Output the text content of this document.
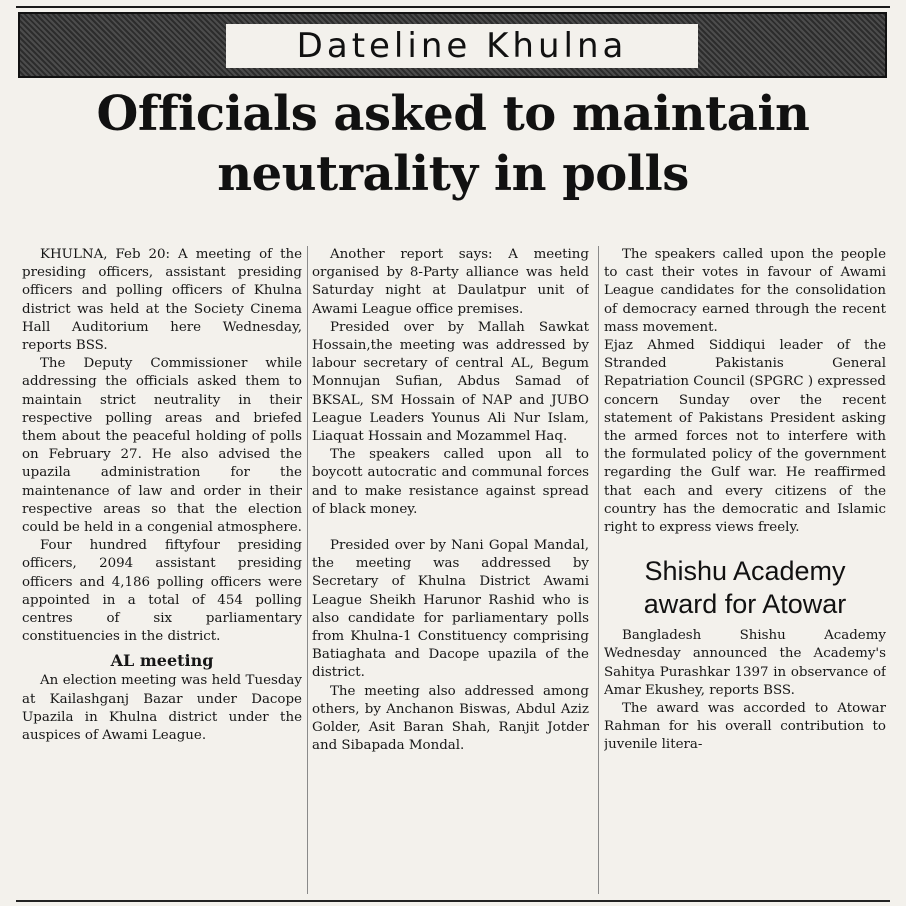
Dateline Khulna
Officials asked to maintain
neutrality in polls

KHULNA, Feb 20: A meeting of the presiding officers, assistant presiding officers and polling officers of Khulna district was held at the Society Cinema Hall Auditorium here Wednesday, reports BSS.

The Deputy Commissioner while addressing the officials asked them to maintain strict neutrality in their respective polling areas and briefed them about the peaceful holding of polls on February 27. He also advised the upazila administration for the maintenance of law and order in their respective areas so that the election could be held in a congenial atmosphere.

Four hundred fiftyfour presiding officers, 2094 assistant presiding officers and 4,186 polling officers were appointed in a total of 454 polling centres of six parliamentary constituencies in the district.

AL meeting

An election meeting was held Tuesday at Kailashganj Bazar under Dacope Upazila in Khulna district under the auspices of Awami League.

Another report says: A meeting organised by 8-Party alliance was held Saturday night at Daulatpur unit of Awami League office premises.

Presided over by Mallah Sawkat Hossain,the meeting was addressed by labour secretary of central AL, Begum Monnujan Sufian, Abdus Samad of BKSAL, SM Hossain of NAP and JUBO League Leaders Younus Ali Nur Islam, Liaquat Hossain and Mozammel Haq.

The speakers called upon all to boycott autocratic and communal forces and to make resistance against spread of black money.

Presided over by Nani Gopal Mandal, the meeting was addressed by Secretary of Khulna District Awami League Sheikh Harunor Rashid who is also candidate for parliamentary polls from Khulna-1 Constituency comprising Batiaghata and Dacope upazila of the district.

The meeting also addressed among others, by Anchanon Biswas, Abdul Aziz Golder, Asit Baran Shah, Ranjit Jotder and Sibapada Mondal.

The speakers called upon the people to cast their votes in favour of Awami League candidates for the consolidation of democracy earned through the recent mass movement.

Ejaz Ahmed Siddiqui leader of the Stranded Pakistanis General Repatriation Council (SPGRC ) expressed concern Sunday over the recent statement of Pakistans President asking the armed forces not to interfere with the formulated policy of the government regarding the Gulf war. He reaffirmed that each and every citizens of the country has the democratic and Islamic right to express views freely.

Shishu Academy
award for Atowar

Bangladesh Shishu Academy Wednesday announced the Academy's Sahitya Purashkar 1397 in observance of Amar Ekushey, reports BSS.

The award was accorded to Atowar Rahman for his overall contribution to juvenile litera-
